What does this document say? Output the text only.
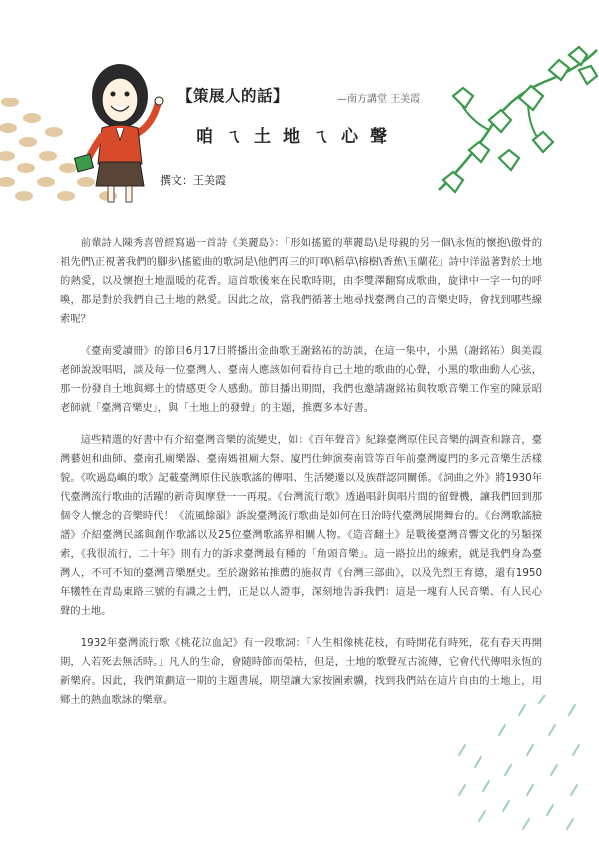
【策展人的話】	—南方講堂 王美霞
咱ㄟ土地ㄟ心聲
撰文：王美霞

前輩詩人陳秀喜曾經寫過一首詩《美麗島》：「形如搖籃的華麗島\是母親的另一個\永恆的懷抱\傲骨的祖先們\正視著我們的腳步\搖籃曲的歌詞是\他們再三的叮嚀\稻草\榕樹\香蕉\玉蘭花」詩中洋溢著對於土地的熱愛，以及懷抱土地溫暖的花香。這首歌後來在民歌時期，由李雙澤翻寫成歌曲，旋律中一字一句的呼喚，都是對於我們自己土地的熱愛。因此之故，當我們循著土地尋找臺灣自己的音樂史時，會找到哪些線索呢？

《臺南愛讀冊》的節目6月17日將播出金曲歌王謝銘祐的訪談，在這一集中，小黑（謝銘祐）與美霞老師說說唱唱，談及每一位臺灣人、臺南人應該如何看待自己土地的歌曲的心聲，小黑的歌曲動人心弦，那一份發自土地與鄉土的情感更令人感動。節目播出期間，我們也邀請謝銘祐與牧歌音樂工作室的陳景昭老師就「臺灣音樂史」，與「土地上的發聲」的主題，推薦多本好書。

這些精選的好書中有介紹臺灣音樂的流變史，如：《百年聲音》紀錄臺灣原住民音樂的調查和錄音，臺灣藝妲和曲師、臺南孔廟樂器、臺南媽祖廟大祭、廈門仕紳演奏南管等百年前臺灣廈門的多元音樂生活樣貌。《吹過島嶼的歌》記載臺灣原住民族歌謠的傳唱、生活變遷以及族群認同關係。《詞曲之外》將1930年代臺灣流行歌曲的活躍的新奇與摩登一一再現。《台灣流行歌》透過唱針與唱片間的留聲機，讓我們回到那個令人懷念的音樂時代！《流風餘韻》訴說臺灣流行歌曲是如何在日治時代臺灣展開舞台的。《台灣歌謠臉譜》介紹臺灣民謠與創作歌謠以及25位臺灣歌謠界相關人物。《造音翻土》是戰後臺灣音響文化的另類探索，《我很流行，二十年》則有力的訴求臺灣最有種的「角頭音樂」。這一路拉出的線索，就是我們身為臺灣人，不可不知的臺灣音樂歷史。至於謝銘祐推薦的施叔青《台灣三部曲》，以及先烈王育德，還有1950年犧牲在青島東路三號的有識之士們，正是以人證事，深刻地告訴我們：這是一塊有人民音樂、有人民心聲的土地。

1932年臺灣流行歌《桃花泣血記》有一段歌詞：「人生相像桃花枝，有時開花有時死，花有春天再開期，人若死去無活時。」凡人的生命，會隨時節而榮枯，但是，土地的歌聲亙古流傳，它會代代傳唱永恆的新樂府。因此，我們策劃這一期的主題書展，期望讓大家按圖索驥，找到我們站在這片自由的土地上，用鄉土的熱血歌詠的樂章。
